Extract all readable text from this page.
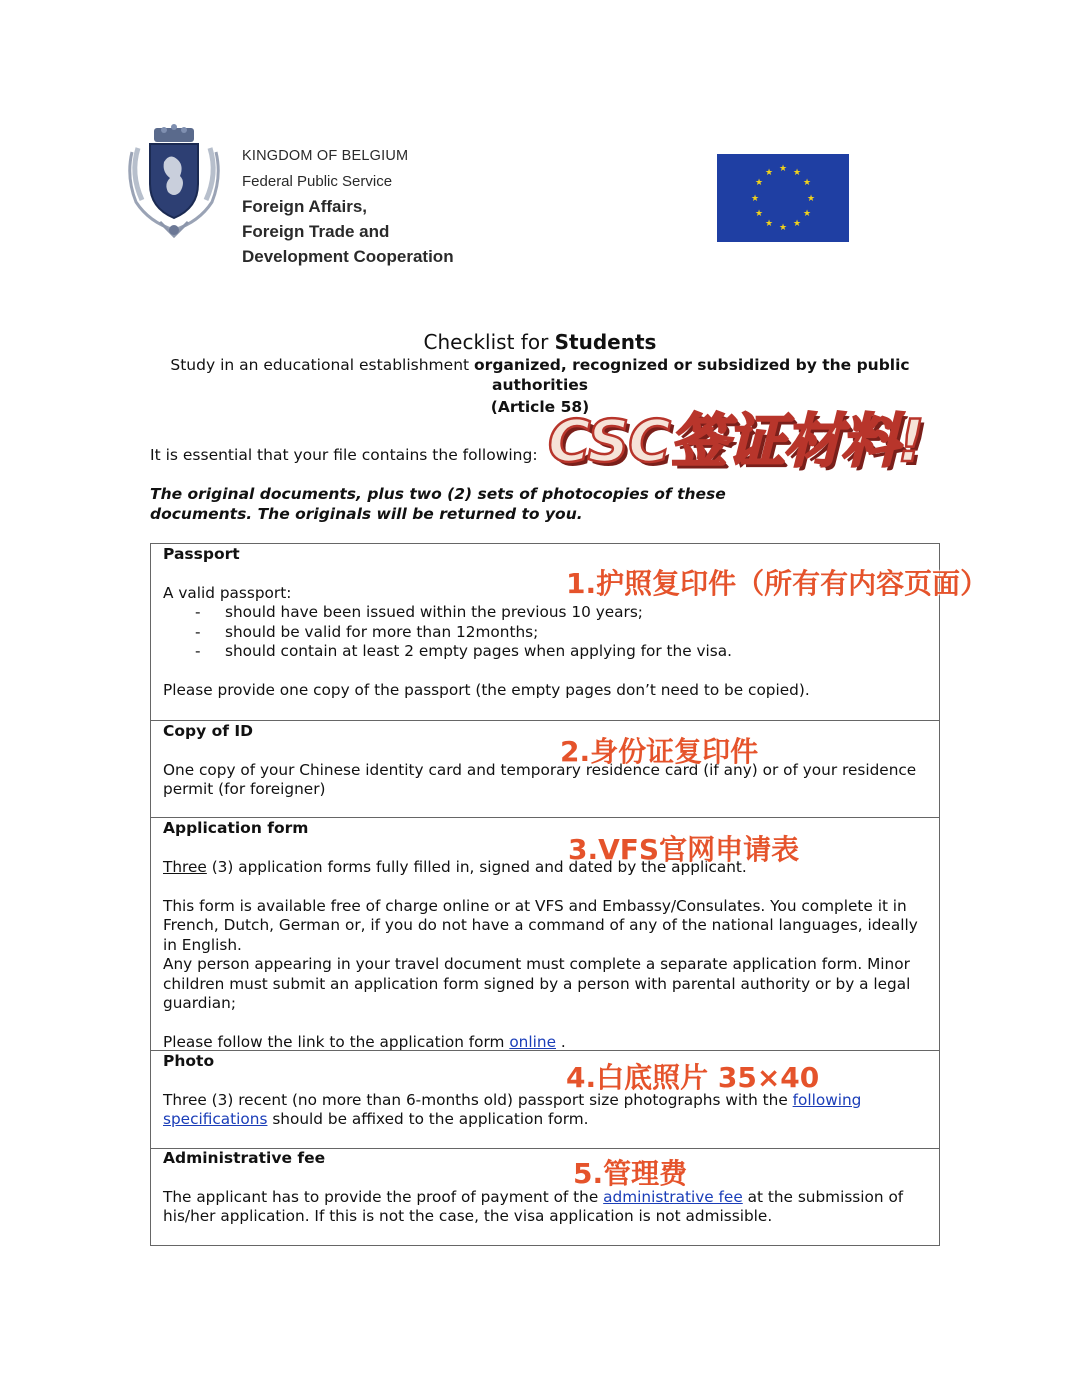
KINGDOM OF BELGIUM
Federal Public Service
Foreign Affairs,
Foreign Trade and
Development Cooperation
★ ★
★
★
★
★
★
★
★
★
★
★
Checklist for Students
Study in an educational establishment organized, recognized or subsidized by the public authorities
(Article 58)
It is essential that your file contains the following:
The original documents, plus two (2) sets of photocopies of these documents. The originals will be returned to you.
CSC签证材料!
Passport

A valid passport:

- should have been issued within the previous 10 years;
- should be valid for more than 12months;
- should contain at least 2 empty pages when applying for the visa.

Please provide one copy of the passport (the empty pages don’t need to be copied).

Copy of ID

One copy of your Chinese identity card and temporary residence card (if any) or of your residence permit (for foreigner)

Application form

Three (3) application forms fully filled in, signed and dated by the applicant.

This form is available free of charge online or at VFS and Embassy/Consulates. You complete it in French, Dutch, German or, if you do not have a command of any of the national languages, ideally in English.

Any person appearing in your travel document must complete a separate application form. Minor children must submit an application form signed by a person with parental authority or by a legal guardian;

Please follow the link to the application form online .

Photo

Three (3) recent (no more than 6-months old) passport size photographs with the following specifications should be affixed to the application form.

Administrative fee

The applicant has to provide the proof of payment of the administrative fee at the submission of his/her application. If this is not the case, the visa application is not admissible.

1.护照复印件（所有有内容页面）
2.身份证复印件
3.VFS官网申请表
4.白底照片 35×40
5.管理费
